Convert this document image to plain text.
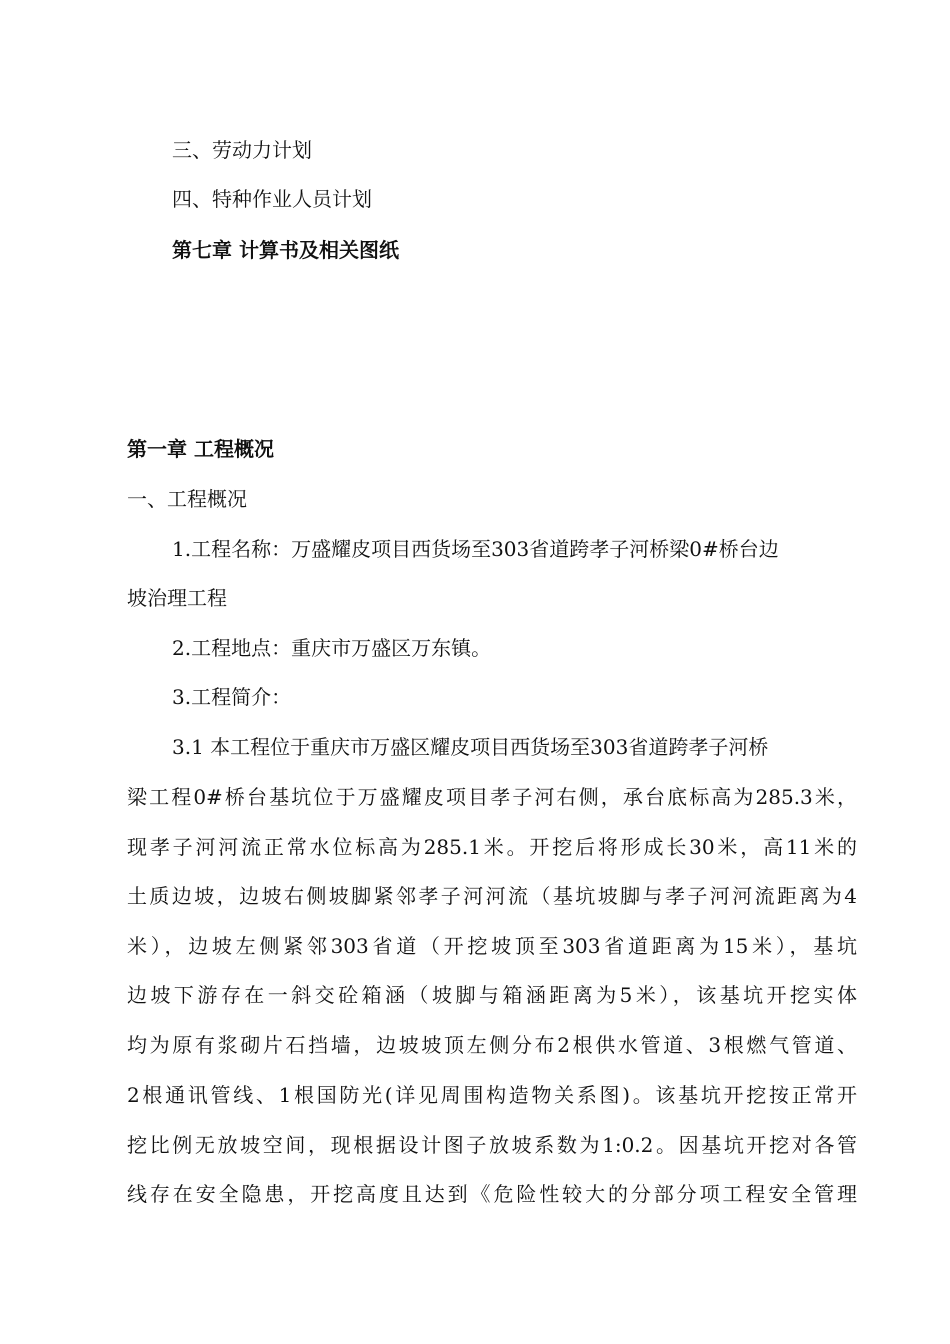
三、劳动力计划
四、特种作业人员计划
第七章 计算书及相关图纸
第一章 工程概况
一、工程概况
1.工程名称：万盛耀皮项目西货场至303省道跨孝子河桥梁0#桥台边
坡治理工程
2.工程地点：重庆市万盛区万东镇。
3.工程简介：
3.1 本工程位于重庆市万盛区耀皮项目西货场至303省道跨孝子河桥
梁工程0#桥台基坑位于万盛耀皮项目孝子河右侧，承台底标高为285.3米，
现孝子河河流正常水位标高为285.1米。开挖后将形成长30米，高11米的
土质边坡，边坡右侧坡脚紧邻孝子河河流（基坑坡脚与孝子河河流距离为4
米），边坡左侧紧邻303省道（开挖坡顶至303省道距离为15米），基坑
边坡下游存在一斜交砼箱涵（坡脚与箱涵距离为5米），该基坑开挖实体
均为原有浆砌片石挡墙，边坡坡顶左侧分布2根供水管道、3根燃气管道、
2根通讯管线、1根国防光(详见周围构造物关系图)。该基坑开挖按正常开
挖比例无放坡空间，现根据设计图子放坡系数为1:0.2。因基坑开挖对各管
线存在安全隐患，开挖高度且达到《危险性较大的分部分项工程安全管理
